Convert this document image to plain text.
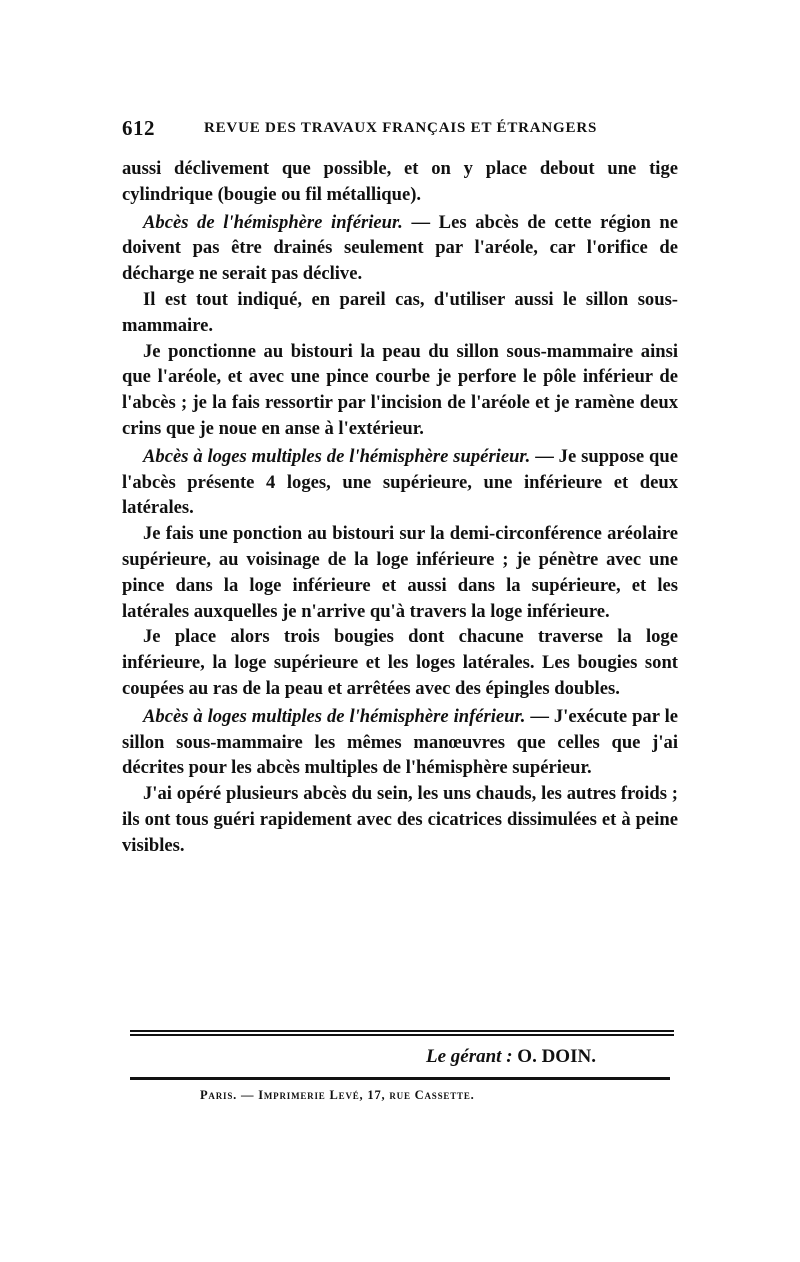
612	REVUE DES TRAVAUX FRANÇAIS ET ÉTRANGERS

aussi déclivement que possible, et on y place debout une tige cylindrique (bougie ou fil métallique).

Abcès de l'hémisphère inférieur. — Les abcès de cette région ne doivent pas être drainés seulement par l'aréole, car l'orifice de décharge ne serait pas déclive.

Il est tout indiqué, en pareil cas, d'utiliser aussi le sillon sous-mammaire.

Je ponctionne au bistouri la peau du sillon sous-mammaire ainsi que l'aréole, et avec une pince courbe je perfore le pôle inférieur de l'abcès ; je la fais ressortir par l'incision de l'aréole et je ramène deux crins que je noue en anse à l'extérieur.

Abcès à loges multiples de l'hémisphère supérieur. — Je suppose que l'abcès présente 4 loges, une supérieure, une inférieure et deux latérales.

Je fais une ponction au bistouri sur la demi-circonférence aréolaire supérieure, au voisinage de la loge inférieure ; je pénètre avec une pince dans la loge inférieure et aussi dans la supérieure, et les latérales auxquelles je n'arrive qu'à travers la loge inférieure.

Je place alors trois bougies dont chacune traverse la loge inférieure, la loge supérieure et les loges latérales. Les bougies sont coupées au ras de la peau et arrêtées avec des épingles doubles.

Abcès à loges multiples de l'hémisphère inférieur. — J'exécute par le sillon sous-mammaire les mêmes manœuvres que celles que j'ai décrites pour les abcès multiples de l'hémisphère supérieur.

J'ai opéré plusieurs abcès du sein, les uns chauds, les autres froids ; ils ont tous guéri rapidement avec des cicatrices dissimulées et à peine visibles.

Le gérant : O. DOIN.
Paris. — Imprimerie Levé, 17, rue Cassette.
